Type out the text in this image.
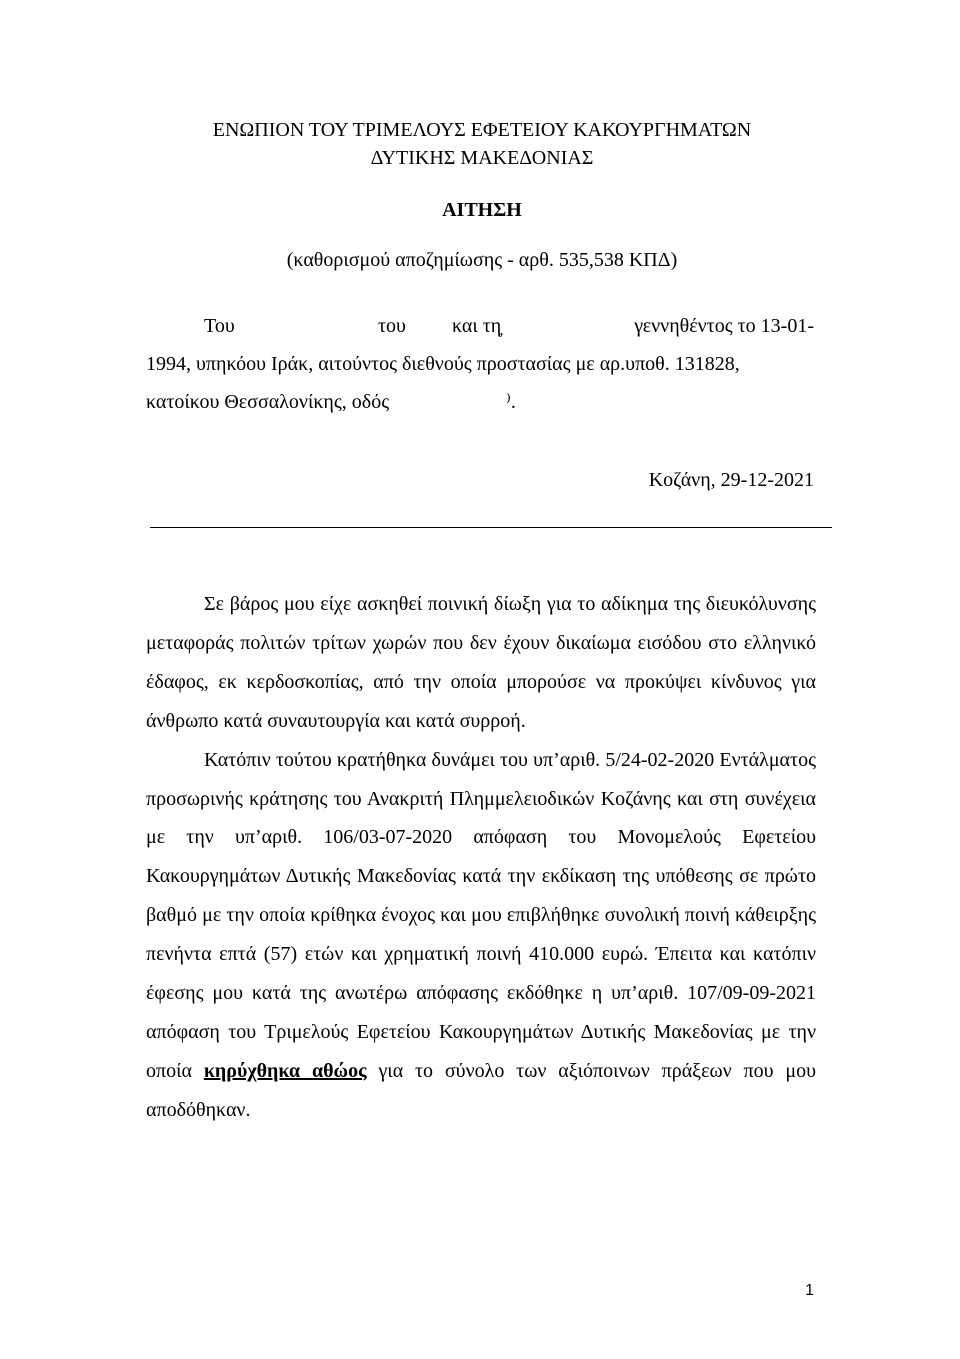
ΕΝΩΠΙΟΝ ΤΟΥ ΤΡΙΜΕΛΟΥΣ ΕΦΕΤΕΙΟΥ ΚΑΚΟΥΡΓΗΜΑΤΩΝ
ΔΥΤΙΚΗΣ ΜΑΚΕΔΟΝΙΑΣ
ΑΙΤΗΣΗ
(καθορισμού αποζημίωσης - αρθ. 535,538 ΚΠΔ)
Του	του και τη	γεννηθέντος το 13-01-
1994, υπηκόου Ιράκ, αιτούντος διεθνούς προστασίας με αρ.υποθ. 131828,
κατοίκου Θεσσαλονίκης, οδός	⁾.
Κοζάνη, 29-12-2021

Σε βάρος μου είχε ασκηθεί ποινική δίωξη για το αδίκημα της διευκόλυνσης μεταφοράς πολιτών τρίτων χωρών που δεν έχουν δικαίωμα εισόδου στο ελληνικό έδαφος, εκ κερδοσκοπίας, από την οποία μπορούσε να προκύψει κίνδυνος για άνθρωπο κατά συναυτουργία και κατά συρροή.

Κατόπιν τούτου κρατήθηκα δυνάμει του υπ’αριθ. 5/24-02-2020 Εντάλματος προσωρινής κράτησης του Ανακριτή Πλημμελειοδικών Κοζάνης και στη συνέχεια με την υπ’αριθ. 106/03-07-2020 απόφαση του Μονομελούς Εφετείου Κακουργημάτων Δυτικής Μακεδονίας κατά την εκδίκαση της υπόθεσης σε πρώτο βαθμό με την οποία κρίθηκα ένοχος και μου επιβλήθηκε συνολική ποινή κάθειρξης πενήντα επτά (57) ετών και χρηματική ποινή 410.000 ευρώ. Έπειτα και κατόπιν έφεσης μου κατά της ανωτέρω απόφασης εκδόθηκε η υπ’αριθ. 107/09-09-2021 απόφαση του Τριμελούς Εφετείου Κακουργημάτων Δυτικής Μακεδονίας με την οποία κηρύχθηκα αθώος για το σύνολο των αξιόποινων πράξεων που μου αποδόθηκαν.

1
